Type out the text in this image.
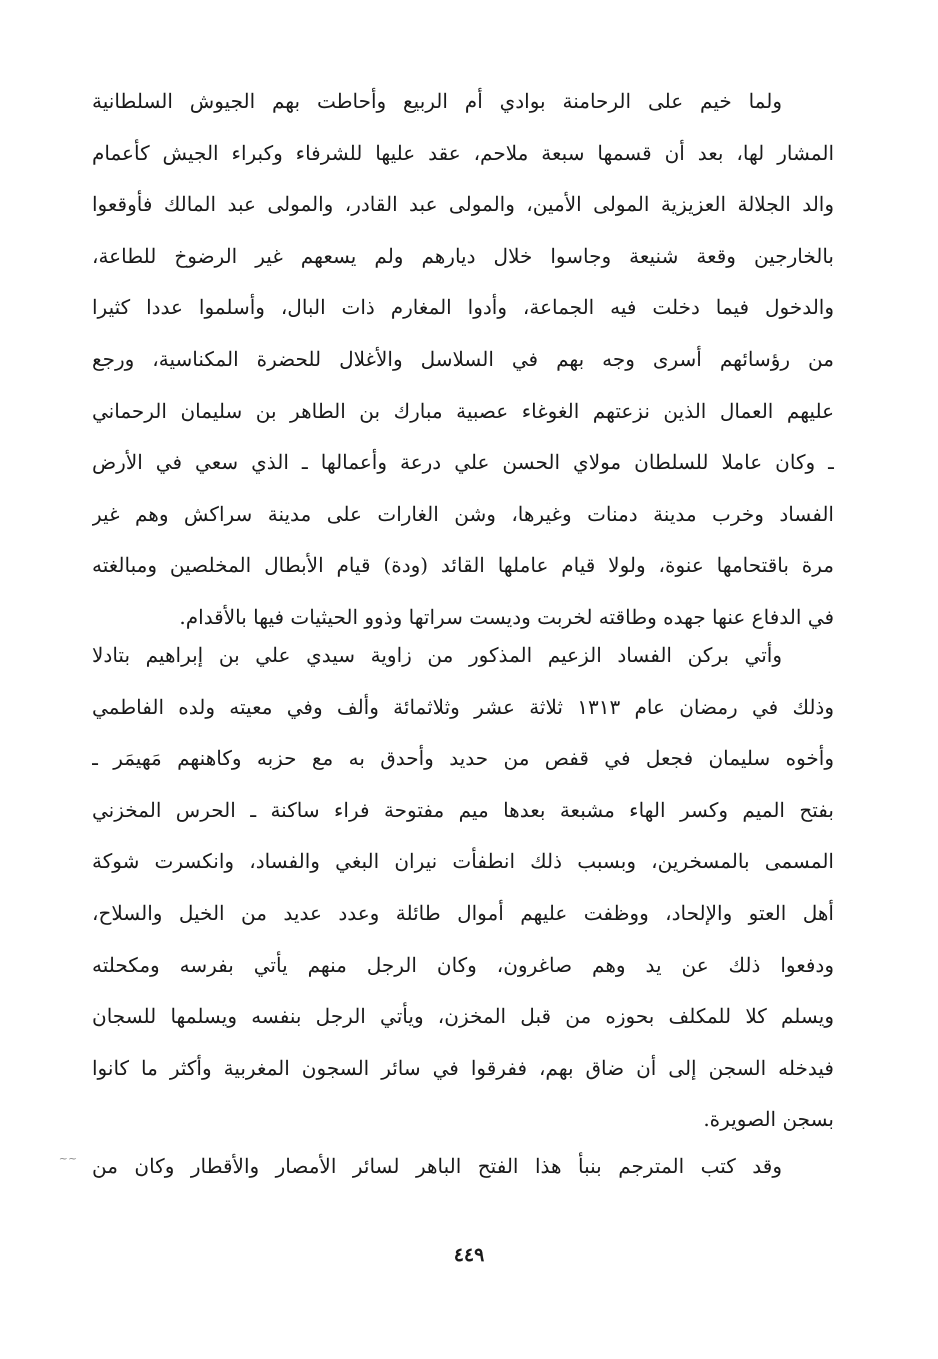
ولما خيم على الرحامنة بوادي أم الربيع وأحاطت بهم الجيوش السلطانية
المشار لها، بعد أن قسمها سبعة ملاحم، عقد عليها للشرفاء وكبراء الجيش كأعمام
والد الجلالة العزيزية المولى الأمين، والمولى عبد القادر، والمولى عبد المالك فأوقعوا
بالخارجين وقعة شنيعة وجاسوا خلال ديارهم ولم يسعهم غير الرضوخ للطاعة،
والدخول فيما دخلت فيه الجماعة، وأدوا المغارم ذات البال، وأسلموا عددا كثيرا
من رؤسائهم أسرى وجه بهم في السلاسل والأغلال للحضرة المكناسية، ورجع
عليهم العمال الذين نزعتهم الغوغاء عصبية مبارك بن الطاهر بن سليمان الرحماني
ـ وكان عاملا للسلطان مولاي الحسن علي درعة وأعمالها ـ الذي سعي في الأرض
الفساد وخرب مدينة دمنات وغيرها، وشن الغارات على مدينة سراكش وهم غير
مرة باقتحامها عنوة، ولولا قيام عاملها القائد (ودة) قيام الأبطال المخلصين ومبالغته
في الدفاع عنها جهده وطاقته لخربت وديست سراتها وذوو الحيثيات فيها بالأقدام.
وأتي بركن الفساد الزعيم المذكور من زاوية سيدي علي بن إبراهيم بتادلا
وذلك في رمضان عام ١٣١٣ ثلاثة عشر وثلاثمائة وألف وفي معيته ولده الفاطمي
وأخوه سليمان فجعل في قفص من حديد وأحدق به مع حزبه وكاهنهم مَهيمَر ـ
بفتح الميم وكسر الهاء مشبعة بعدها ميم مفتوحة فراء ساكنة ـ الحرس المخزني
المسمى بالمسخرين، وبسبب ذلك انطفأت نيران البغي والفساد، وانكسرت شوكة
أهل العتو والإلحاد، ووظفت عليهم أموال طائلة وعدد عديد من الخيل والسلاح،
ودفعوا ذلك عن يد وهم صاغرون، وكان الرجل منهم يأتي بفرسه ومكحلته
ويسلم كلا للمكلف بحوزه من قبل المخزن، ويأتي الرجل بنفسه ويسلمها للسجان
فيدخله السجن إلى أن ضاق بهم، ففرقوا في سائر السجون المغربية وأكثر ما كانوا
بسجن الصويرة.
وقد كتب المترجم بنبأ هذا الفتح الباهر لسائر الأمصار والأقطار وكان من
~~
٤٤٩
